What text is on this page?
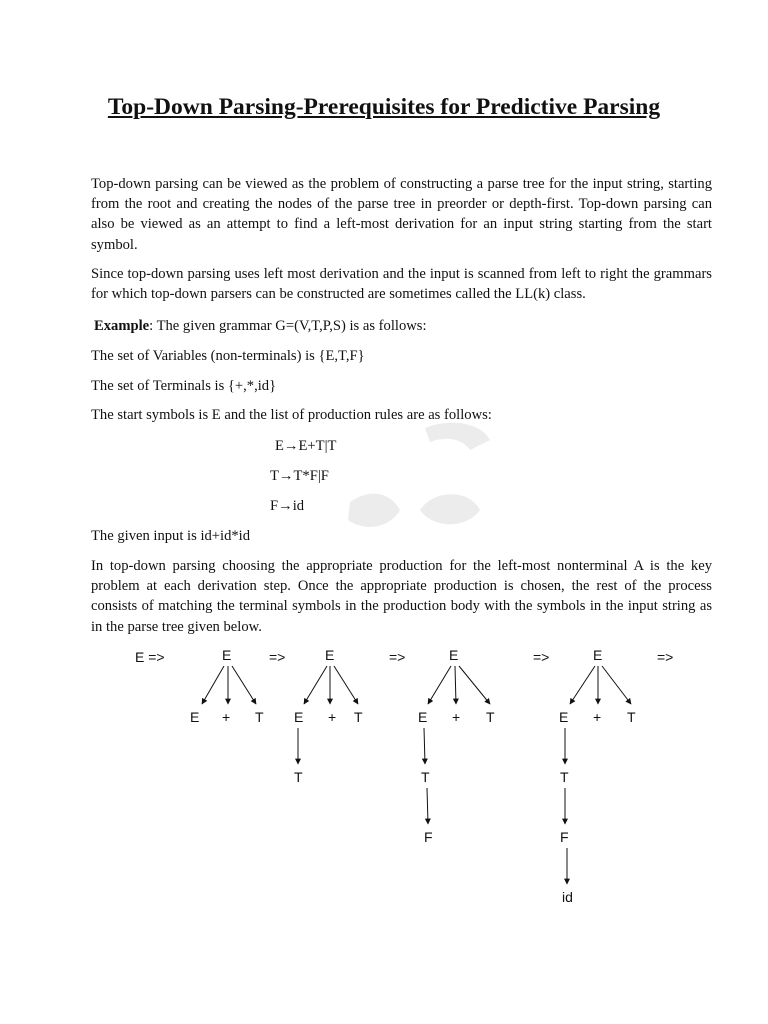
Top-Down Parsing-Prerequisites for Predictive Parsing

Top-down parsing can be viewed as the problem of constructing a parse tree for the input string, starting from the root and creating the nodes of the parse tree in preorder or depth-first. Top-down parsing can also be viewed as an attempt to find a left-most derivation for an input string starting from the start symbol.

Since top-down parsing uses left most derivation and the input is scanned from left to right the grammars for which top-down parsers can be constructed are sometimes called the LL(k) class.

Example: The given grammar G=(V,T,P,S) is as follows:

The set of Variables (non-terminals) is {E,T,F}

The set of Terminals is {+,*,id}

The start symbols is E and the list of production rules are as follows:

E→E+T|T

T→T*F|F

F→id

The given input is id+id*id

In top-down parsing choosing the appropriate production for the left-most nonterminal A is the key problem at each derivation step. Once the appropriate production is chosen, the rest of the process consists of matching the terminal symbols in the production body with the symbols in the input string as in the parse tree given below.

E =>	=>	=>	=>	=>
E
E + T
E
E + T
T
E
E + T
T
F
E
E + T
T
F
id
